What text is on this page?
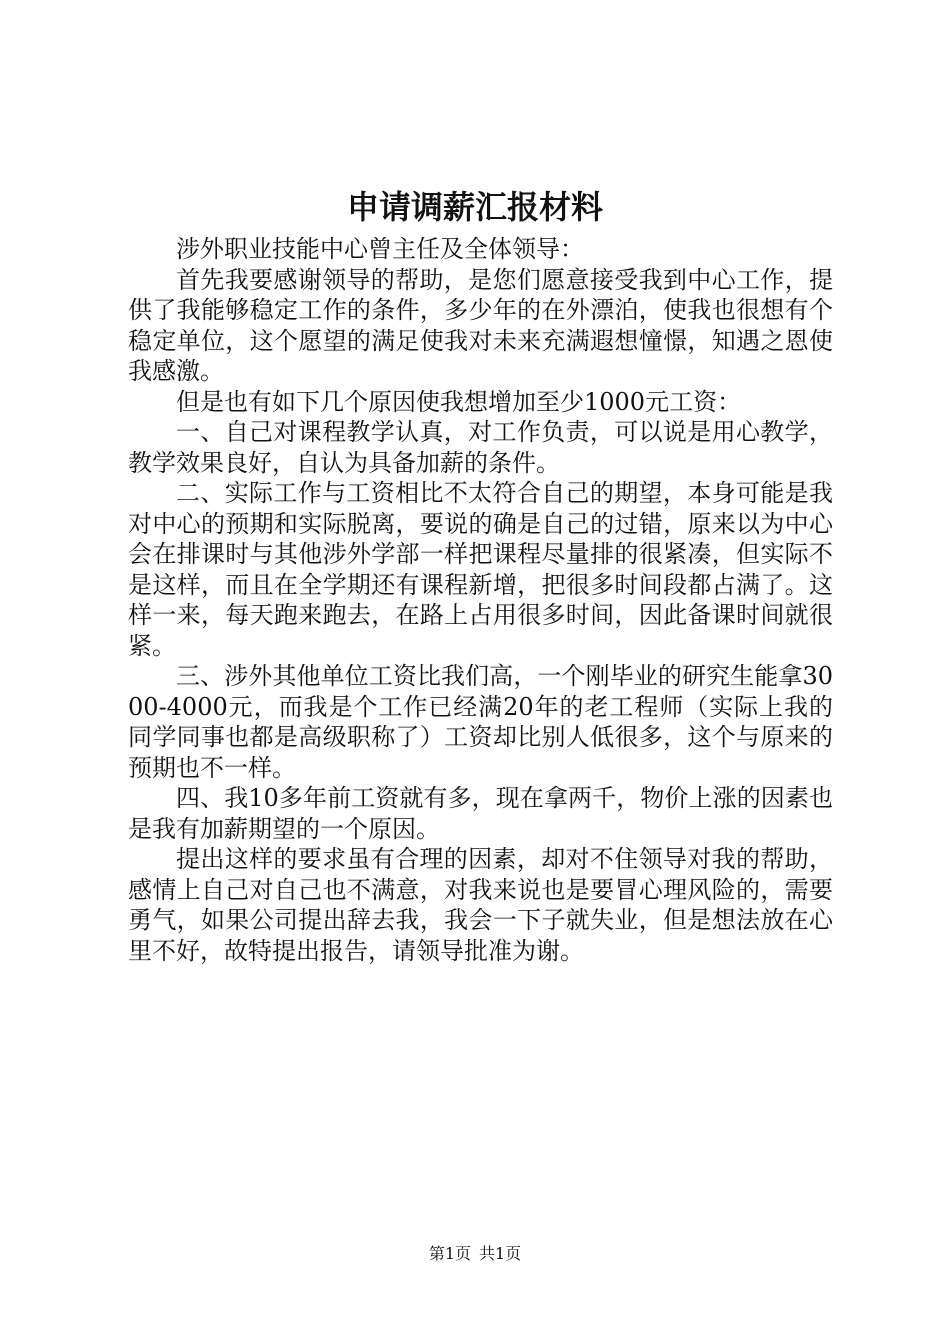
申请调薪汇报材料

涉外职业技能中心曾主任及全体领导：

首先我要感谢领导的帮助，是您们愿意接受我到中心工作，提供了我能够稳定工作的条件，多少年的在外漂泊，使我也很想有个稳定单位，这个愿望的满足使我对未来充满遐想憧憬，知遇之恩使我感激。

但是也有如下几个原因使我想增加至少1000元工资：

一、自己对课程教学认真，对工作负责，可以说是用心教学，教学效果良好，自认为具备加薪的条件。

二、实际工作与工资相比不太符合自己的期望，本身可能是我对中心的预期和实际脱离，要说的确是自己的过错，原来以为中心会在排课时与其他涉外学部一样把课程尽量排的很紧凑，但实际不是这样，而且在全学期还有课程新增，把很多时间段都占满了。这样一来，每天跑来跑去，在路上占用很多时间，因此备课时间就很紧。

三、涉外其他单位工资比我们高，一个刚毕业的研究生能拿3000-4000元，而我是个工作已经满20年的老工程师（实际上我的同学同事也都是高级职称了）工资却比别人低很多，这个与原来的预期也不一样。

四、我10多年前工资就有多，现在拿两千，物价上涨的因素也是我有加薪期望的一个原因。

提出这样的要求虽有合理的因素，却对不住领导对我的帮助，感情上自己对自己也不满意，对我来说也是要冒心理风险的，需要勇气，如果公司提出辞去我，我会一下子就失业，但是想法放在心里不好，故特提出报告，请领导批准为谢。

第1页 共1页
